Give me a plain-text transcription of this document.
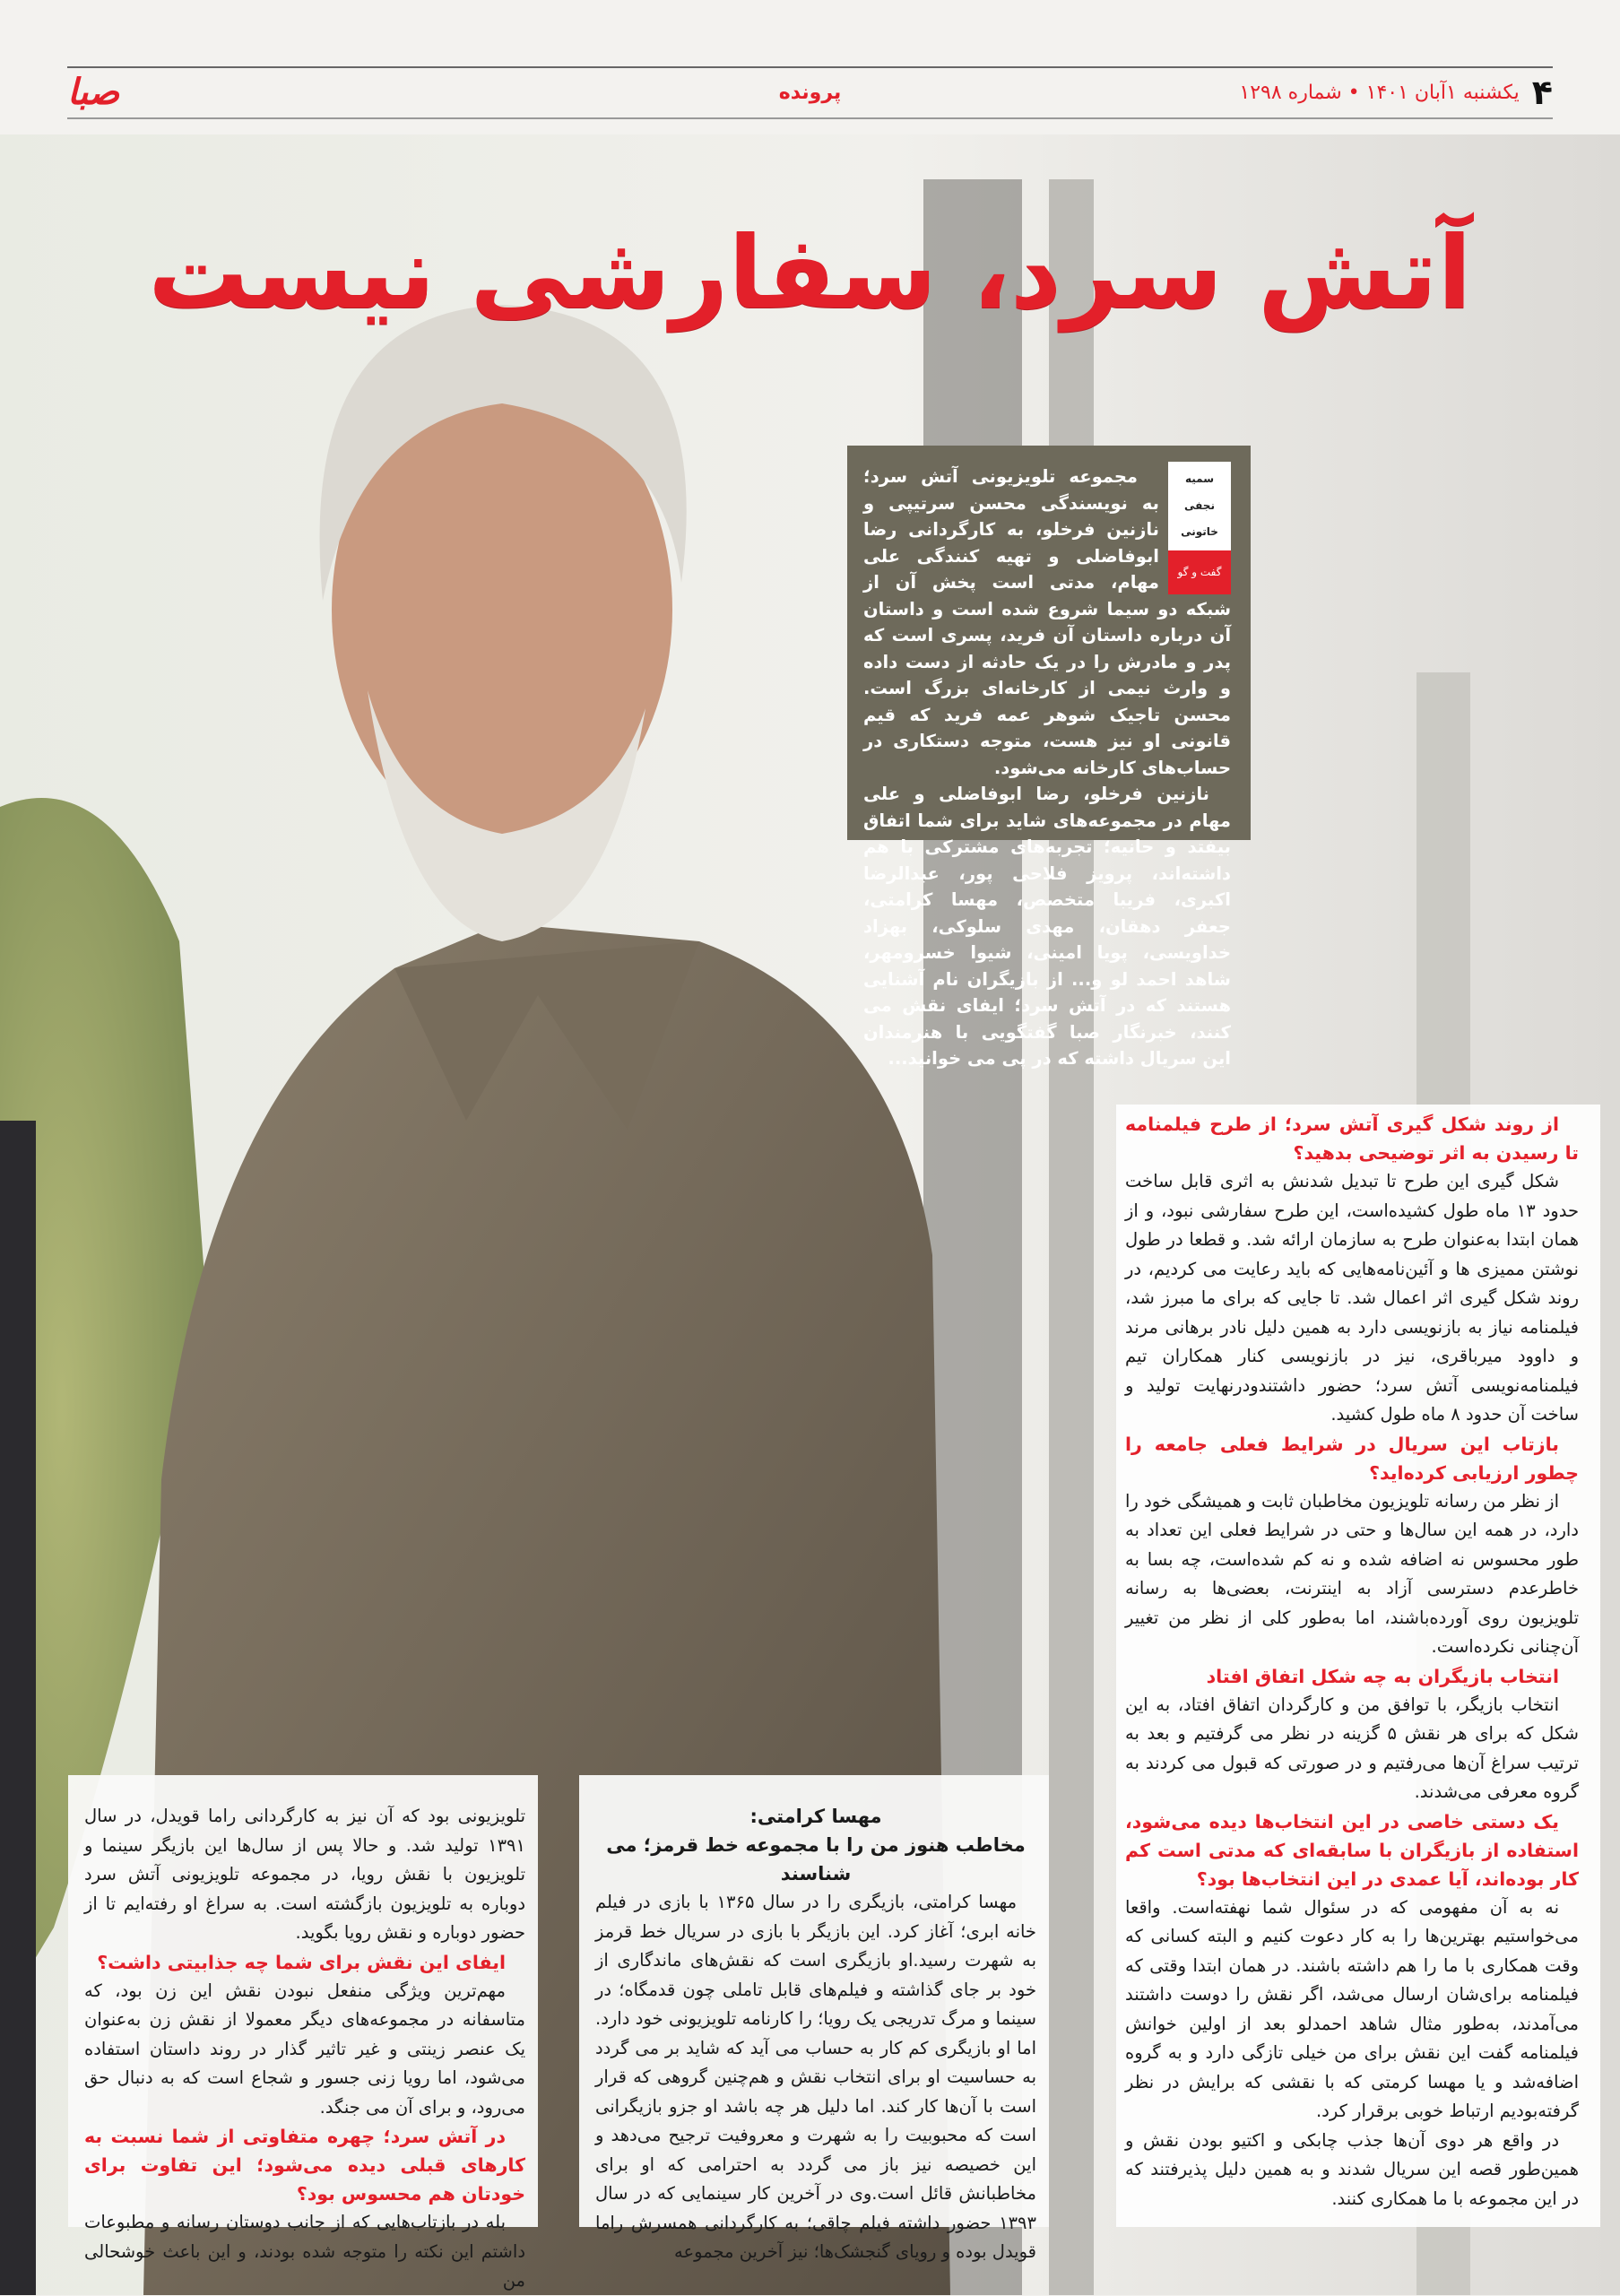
۴
یکشنبه ۱آبان ۱۴۰۱ • شماره ۱۲۹۸
پرونده
صبا
آتش سرد، سفارشی نیست
سمیه نجفی خاتونی
گفت و گو

مجموعه تلویزیونی آتش سرد؛ به نویسندگی محسن سرتیپی و نازنین فرخلو، به کارگردانی رضا ابوفاضلی و تهیه کنندگی علی مهام، مدتی است پخش آن از شبکه دو سیما شروع شده است و داستان آن درباره داستان آن فرید، پسری است که پدر و مادرش را در یک حادثه از دست داده و وارث نیمی از کارخانه‌ای بزرگ است. محسن تاجیک شوهر عمه فرید که قیم قانونی او نیز هست، متوجه دستکاری در حساب‌های کارخانه می‌شود.

نازنین فرخلو، رضا ابوفاضلی و علی مهام در مجموعه‌های شاید برای شما اتفاق بیفتد و حانیه؛ تجربه‌های مشترکی با هم داشته‌اند، پرویز فلاحی پور، عبدالرضا اکبری، فریبا متخصص، مهسا کرامتی، جعفر دهقان، مهدی سلوکی، بهزاد خداویسی، پویا امینی، شیوا خسرومهر، شاهد احمد لو و... از بازیگران نام آشنایی هستند که در آتش سرد؛ ایفای نقش می کنند، خبرنگار صبا گفتگویی با هنرمندان این سریال داشته که در پی می خوانید...

از روند شکل گیری آتش سرد؛ از طرح فیلمنامه تا رسیدن به اثر توضیحی بدهید؟

شکل گیری این طرح تا تبدیل شدنش به اثری قابل ساخت حدود ۱۳ ماه طول کشیده‌است، این طرح سفارشی نبود، و از همان ابتدا به‌عنوان طرح به سازمان ارائه شد. و قطعا در طول نوشتن ممیزی ها و آئین‌نامه‌هایی که باید رعایت می کردیم، در روند شکل گیری اثر اعمال شد. تا جایی که برای ما مبرز شد، فیلمنامه نیاز به بازنویسی دارد به همین دلیل نادر برهانی مرند و داوود میرباقری، نیز در بازنویسی کنار همکاران تیم فیلمنامه‌نویسی آتش سرد؛ حضور داشتندودرنهایت تولید و ساخت آن حدود ۸ ماه طول کشید.

بازتاب این سریال در شرایط فعلی جامعه را چطور ارزیابی کرده‌اید؟

از نظر من رسانه تلویزیون مخاطبان ثابت و همیشگی خود را دارد، در همه این سال‌ها و حتی در شرایط فعلی این تعداد به طور محسوس نه اضافه شده و نه کم شده‌است، چه بسا به خاطرعدم دسترسی آزاد به اینترنت، بعضی‌ها به رسانه تلویزیون روی آورده‌باشند، اما به‌طور کلی از نظر من تغییر آن‌چنانی نکرده‌است.

انتخاب بازیگران به چه شکل اتفاق افتاد

انتخاب بازیگر، با توافق من و کارگردان اتفاق افتاد، به این شکل که برای هر نقش ۵ گزینه در نظر می گرفتیم و بعد به ترتیب سراغ آن‌ها می‌رفتیم و در صورتی که قبول می کردند به گروه معرفی می‌شدند.

یک دستی خاصی در این انتخاب‌ها دیده می‌شود، استفاده از بازیگران با سابقه‌ای که مدتی است کم کار بوده‌اند، آیا عمدی در این انتخاب‌ها بود؟

نه به آن مفهومی که در سئوال شما نهفته‌است. واقعا می‌خواستیم بهترین‌ها را به کار دعوت کنیم و البته کسانی که وقت همکاری با ما را هم داشته باشند. در همان ابتدا وقتی که فیلمنامه برای‌شان ارسال می‌شد، اگر نقش را دوست داشتند می‌آمدند، به‌طور مثال شاهد احمدلو بعد از اولین خوانش فیلمنامه گفت این نقش برای من خیلی تازگی دارد و به گروه اضافه‌شد و یا مهسا کرمتی که با نقشی که برایش در نظر گرفته‌بودیم ارتباط خوبی برقرار کرد.

در واقع هر دوی آن‌ها جذب چابکی و اکتیو بودن نقش و همین‌طور قصه این سریال شدند و به همین دلیل پذیرفتند که در این مجموعه با ما همکاری کنند.

مهسا کرامتی:
مخاطب هنوز من را با مجموعه خط قرمز؛ می شناسند

مهسا کرامتی، بازیگری را در سال ۱۳۶۵ با بازی در فیلم خانه ابری؛ آغاز کرد. این بازیگر با بازی در سریال خط قرمز به شهرت رسید.او بازیگری است که نقش‌های ماندگاری از خود بر جای گذاشته و فیلم‌های قابل تاملی چون قدمگاه؛ در سینما و مرگ تدریجی یک رویا؛ را کارنامه تلویزیونی خود دارد. اما او بازیگری کم کار به حساب می آید که شاید بر می گردد به حساسیت او برای انتخاب نقش و هم‌چنین گروهی که قرار است با آن‌ها کار کند. اما دلیل هر چه باشد او جزو بازیگرانی است که محبوبیت را به شهرت و معروفیت ترجیح می‌دهد و این خصیصه نیز باز می گردد به احترامی که او برای مخاطبانش قائل است.وی در آخرین کار سینمایی که در سال ۱۳۹۳ حضور داشته فیلم چاقی؛ به کارگردانی همسرش راما قویدل بوده و رویای گنجشک‌ها؛ نیز آخرین مجموعه

تلویزیونی بود که آن نیز به کارگردانی راما قویدل، در سال ۱۳۹۱ تولید شد. و حالا پس از سال‌ها این بازیگر سینما و تلویزیون با نقش رویا، در مجموعه تلویزیونی آتش سرد دوباره به تلویزیون بازگشته است. به سراغ او رفته‌ایم تا از حضور دوباره و نقش رویا بگوید.

ایفای این نقش برای شما چه جذابیتی داشت؟

مهم‌ترین ویژگی منفعل نبودن نقش این زن بود، که متاسفانه در مجموعه‌های دیگر معمولا از نقش زن به‌عنوان یک عنصر زینتی و غیر تاثیر گذار در روند داستان استفاده می‌شود، اما رویا زنی جسور و شجاع است که به دنبال حق می‌رود، و برای آن می جنگد.

در آتش سرد؛ چهره متفاوتی از شما نسبت به کارهای قبلی دیده می‌شود؛ این تفاوت برای خودتان هم محسوس بود؟

بله در بازتاب‌هایی که از جانب دوستان رسانه و مطبوعات داشتم این نکته را متوجه شده بودند، و این باعث خوشحالی من
